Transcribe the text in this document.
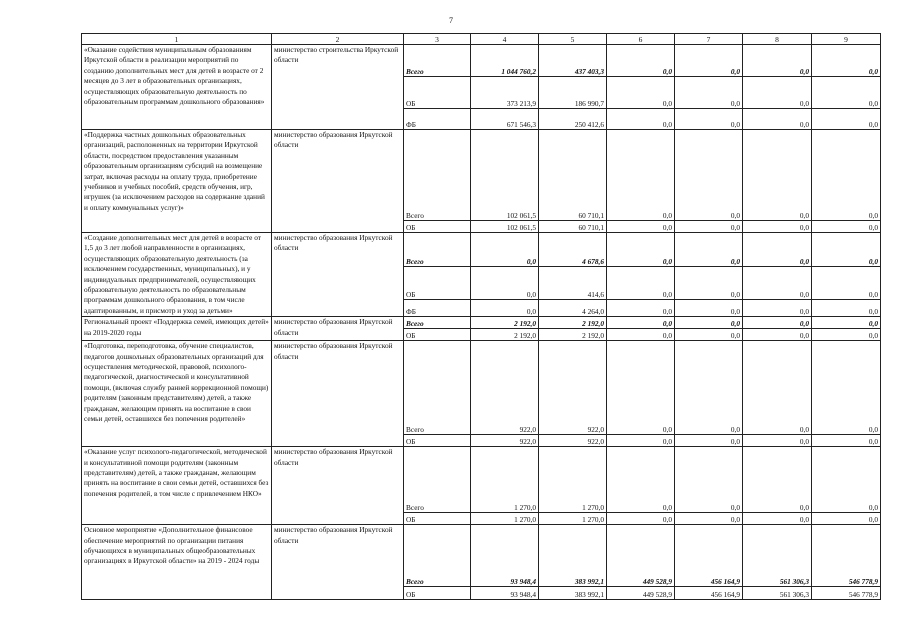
7
1	2	3	4	5	6	7	8	9
«Оказание содействия муниципальным образованиям Иркутской области в реализации мероприятий по созданию дополнительных мест для детей в возрасте от 2 месяцев до 3 лет в образовательных организациях, осуществляющих образовательную деятельность по образовательным программам дошкольного образования»	министерство строительства Иркутской области	Всего	1 044 760,2	437 403,3	0,0	0,0	0,0	0,0
		ОБ	373 213,9	186 990,7	0,0	0,0	0,0	0,0
		ФБ	671 546,3	250 412,6	0,0	0,0	0,0	0,0
«Поддержка частных дошкольных образовательных организаций, расположенных на территории Иркутской области, посредством предоставления указанным образовательным организациям субсидий на возмещение затрат, включая расходы на оплату труда, приобретение учебников и учебных пособий, средств обучения, игр, игрушек (за исключением расходов на содержание зданий и оплату коммунальных услуг)»	министерство образования Иркутской области	Всего	102 061,5	60 710,1	0,0	0,0	0,0	0,0
		ОБ	102 061,5	60 710,1	0,0	0,0	0,0	0,0
«Создание дополнительных мест для детей в возрасте от 1,5 до 3 лет любой направленности в организациях, осуществляющих образовательную деятельность (за исключением государственных, муниципальных), и у индивидуальных предпринимателей, осуществляющих образовательную деятельность по образовательным программам дошкольного образования, в том числе адаптированным, и присмотр и уход за детьми»	министерство образования Иркутской области	Всего	0,0	4 678,6	0,0	0,0	0,0	0,0
		ОБ	0,0	414,6	0,0	0,0	0,0	0,0
		ФБ	0,0	4 264,0	0,0	0,0	0,0	0,0
Региональный проект «Поддержка семей, имеющих детей» на 2019-2020 годы	министерство образования Иркутской области	Всего	2 192,0	2 192,0	0,0	0,0	0,0	0,0
		ОБ	2 192,0	2 192,0	0,0	0,0	0,0	0,0
«Подготовка, переподготовка, обучение специалистов, педагогов дошкольных образовательных организаций для осуществления методической, правовой, психолого-педагогической, диагностической и консультативной помощи, (включая службу ранней коррекционной помощи) родителям (законным представителям) детей, а также гражданам, желающим принять на воспитание в свои семьи детей, оставшихся без попечения родителей»	министерство образования Иркутской области	Всего	922,0	922,0	0,0	0,0	0,0	0,0
		ОБ	922,0	922,0	0,0	0,0	0,0	0,0
«Оказание услуг психолого-педагогической, методической и консультативной помощи родителям (законным представителям) детей, а также гражданам, желающим принять на воспитание в свои семьи детей, оставшихся без попечения родителей, в том числе с привлечением НКО»	министерство образования Иркутской области	Всего	1 270,0	1 270,0	0,0	0,0	0,0	0,0
		ОБ	1 270,0	1 270,0	0,0	0,0	0,0	0,0
Основное мероприятие «Дополнительное финансовое обеспечение мероприятий по организации питания обучающихся в муниципальных общеобразовательных организациях в Иркутской области» на 2019 - 2024 годы	министерство образования Иркутской области	Всего	93 948,4	383 992,1	449 528,9	456 164,9	561 306,3	546 778,9
		ОБ	93 948,4	383 992,1	449 528,9	456 164,9	561 306,3	546 778,9
